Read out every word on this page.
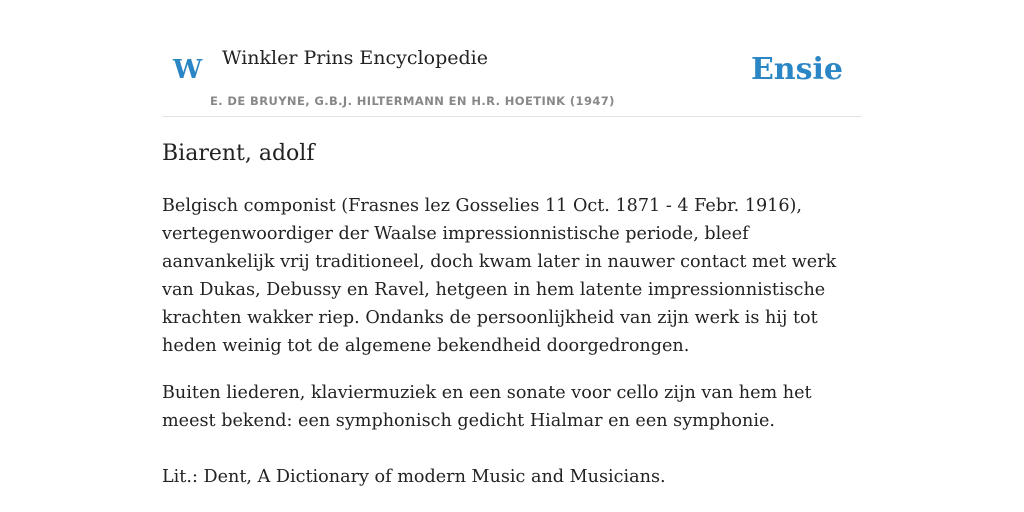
W Winkler Prins Encyclopedie
E. DE BRUYNE, G.B.J. HILTERMANN EN H.R. HOETINK (1947)
Ensie
Biarent, adolf

Belgisch componist (Frasnes lez Gosselies 11 Oct. 1871 - 4 Febr. 1916), vertegenwoordiger der Waalse impressionnistische periode, bleef aanvankelijk vrij traditioneel, doch kwam later in nauwer contact met werk van Dukas, Debussy en Ravel, hetgeen in hem latente impressionnistische krachten wakker riep. Ondanks de persoonlijkheid van zijn werk is hij tot heden weinig tot de algemene bekendheid doorgedrongen.

Buiten liederen, klaviermuziek en een sonate voor cello zijn van hem het meest bekend: een symphonisch gedicht Hialmar en een symphonie.

Lit.: Dent, A Dictionary of modern Music and Musicians.
